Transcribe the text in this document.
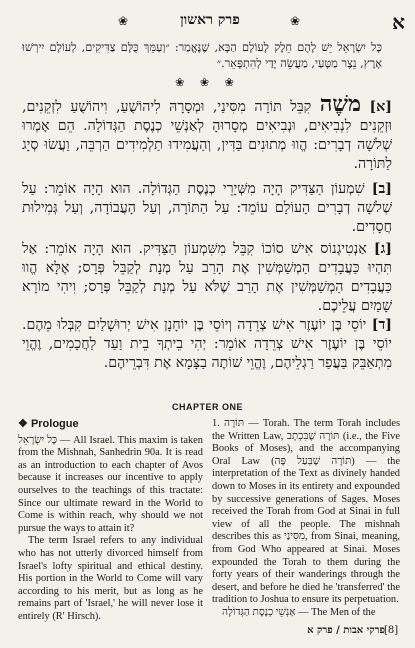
❀	פרק ראשון	❀	א
כָּל יִשְׂרָאֵל יֵשׁ לָהֶם חֵלֶק לָעוֹלָם הַבָּא, שֶׁנֶּאֱמַר: ״וְעַמֵּךְ כֻּלָּם צַדִּיקִים, לְעוֹלָם יִירְשׁוּ אָרֶץ, נֵצֶר מַטָּעַי, מַעֲשֵׂה יָדַי לְהִתְפָּאֵר.״
❀ ❀ ❀
[א] משֶׁה קִבֵּל תּוֹרָה מִסִּינַי, וּמְסָרָהּ לִיהוֹשֻׁעַ, וִיהוֹשֻׁעַ לִזְקֵנִים, וּזְקֵנִים לִנְבִיאִים, וּנְבִיאִים מְסָרוּהָ לְאַנְשֵׁי כְנֶסֶת הַגְּדוֹלָה. הֵם אָמְרוּ שְׁלשָׁה דְבָרִים: הֱווּ מְתוּנִים בַּדִּין, וְהַעֲמִידוּ תַלְמִידִים הַרְבֵּה, וַעֲשׂוּ סְיָג לַתּוֹרָה.
[ב] שִׁמְעוֹן הַצַּדִּיק הָיָה מִשְּׁיָרֵי כְנֶסֶת הַגְּדוֹלָה. הוּא הָיָה אוֹמֵר: עַל שְׁלשָׁה דְבָרִים הָעוֹלָם עוֹמֵד: עַל הַתּוֹרָה, וְעַל הָעֲבוֹדָה, וְעַל גְּמִילוּת חֲסָדִים.
[ג] אַנְטִיגְנוֹס אִישׁ סוֹכוֹ קִבֵּל מִשִּׁמְעוֹן הַצַּדִּיק. הוּא הָיָה אוֹמֵר: אַל תִּהְיוּ כַּעֲבָדִים הַמְשַׁמְּשִׁין אֶת הָרַב עַל מְנָת לְקַבֵּל פְּרָס; אֶלָּא הֱווּ כַּעֲבָדִים הַמְשַׁמְּשִׁין אֶת הָרַב שֶׁלֹּא עַל מְנָת לְקַבֵּל פְּרָס; וִיהִי מוֹרָא שָׁמַיִם עֲלֵיכֶם.
[ד] יוֹסֵי בֶּן יוֹעֶזֶר אִישׁ צְרֵדָה וְיוֹסֵי בֶּן יוֹחָנָן אִישׁ יְרוּשָׁלַיִם קִבְּלוּ מֵהֶם. יוֹסֵי בֶּן יוֹעֶזֶר אִישׁ צְרֵדָה אוֹמֵר: יְהִי בֵיתְךָ בֵית וַעַד לַחֲכָמִים, וֶהֱוֵי מִתְאַבֵּק בַּעֲפַר רַגְלֵיהֶם, וֶהֱוֵי שׁוֹתֶה בַצָּמָא אֶת דִּבְרֵיהֶם.
CHAPTER ONE

❖ Prologue

כָּל יִשְׂרָאֵל — All Israel. This maxim is taken from the Mishnah, Sanhedrin 90a. It is read as an introduction to each chapter of Avos because it increases our incentive to apply ourselves to the teachings of this tractate: Since our ultimate reward in the World to Come is within reach, why should we not pursue the ways to attain it?

The term Israel refers to any individual who has not utterly divorced himself from Israel's lofty spiritual and ethical destiny. His portion in the World to Come will vary according to his merit, but as long as he remains part of 'Israel,' he will never lose it entirely (R' Hirsch).

1. תּוֹרָה — Torah. The term Torah includes the Written Law, תּוֹרָה שֶׁבִּכְתָב (i.e., the Five Books of Moses), and the accompanying Oral Law (תּוֹרָה שֶׁבְּעַל פֶּה) — the interpretation of the Text as divinely handed down to Moses in its entirety and expounded by successive generations of Sages. Moses received the Torah from God at Sinai in full view of all the people. The mishnah describes this as מִסִּינַי, from Sinai, meaning, from God Who appeared at Sinai. Moses expounded the Torah to them during the forty years of their wanderings through the desert, and before he died he 'transferred' the tradition to Joshua to ensure its perpetuation.

אַנְשֵׁי כְנֶסֶת הַגְּדוֹלָה — The Men of the

פרקי אבות / פרק א [8]
